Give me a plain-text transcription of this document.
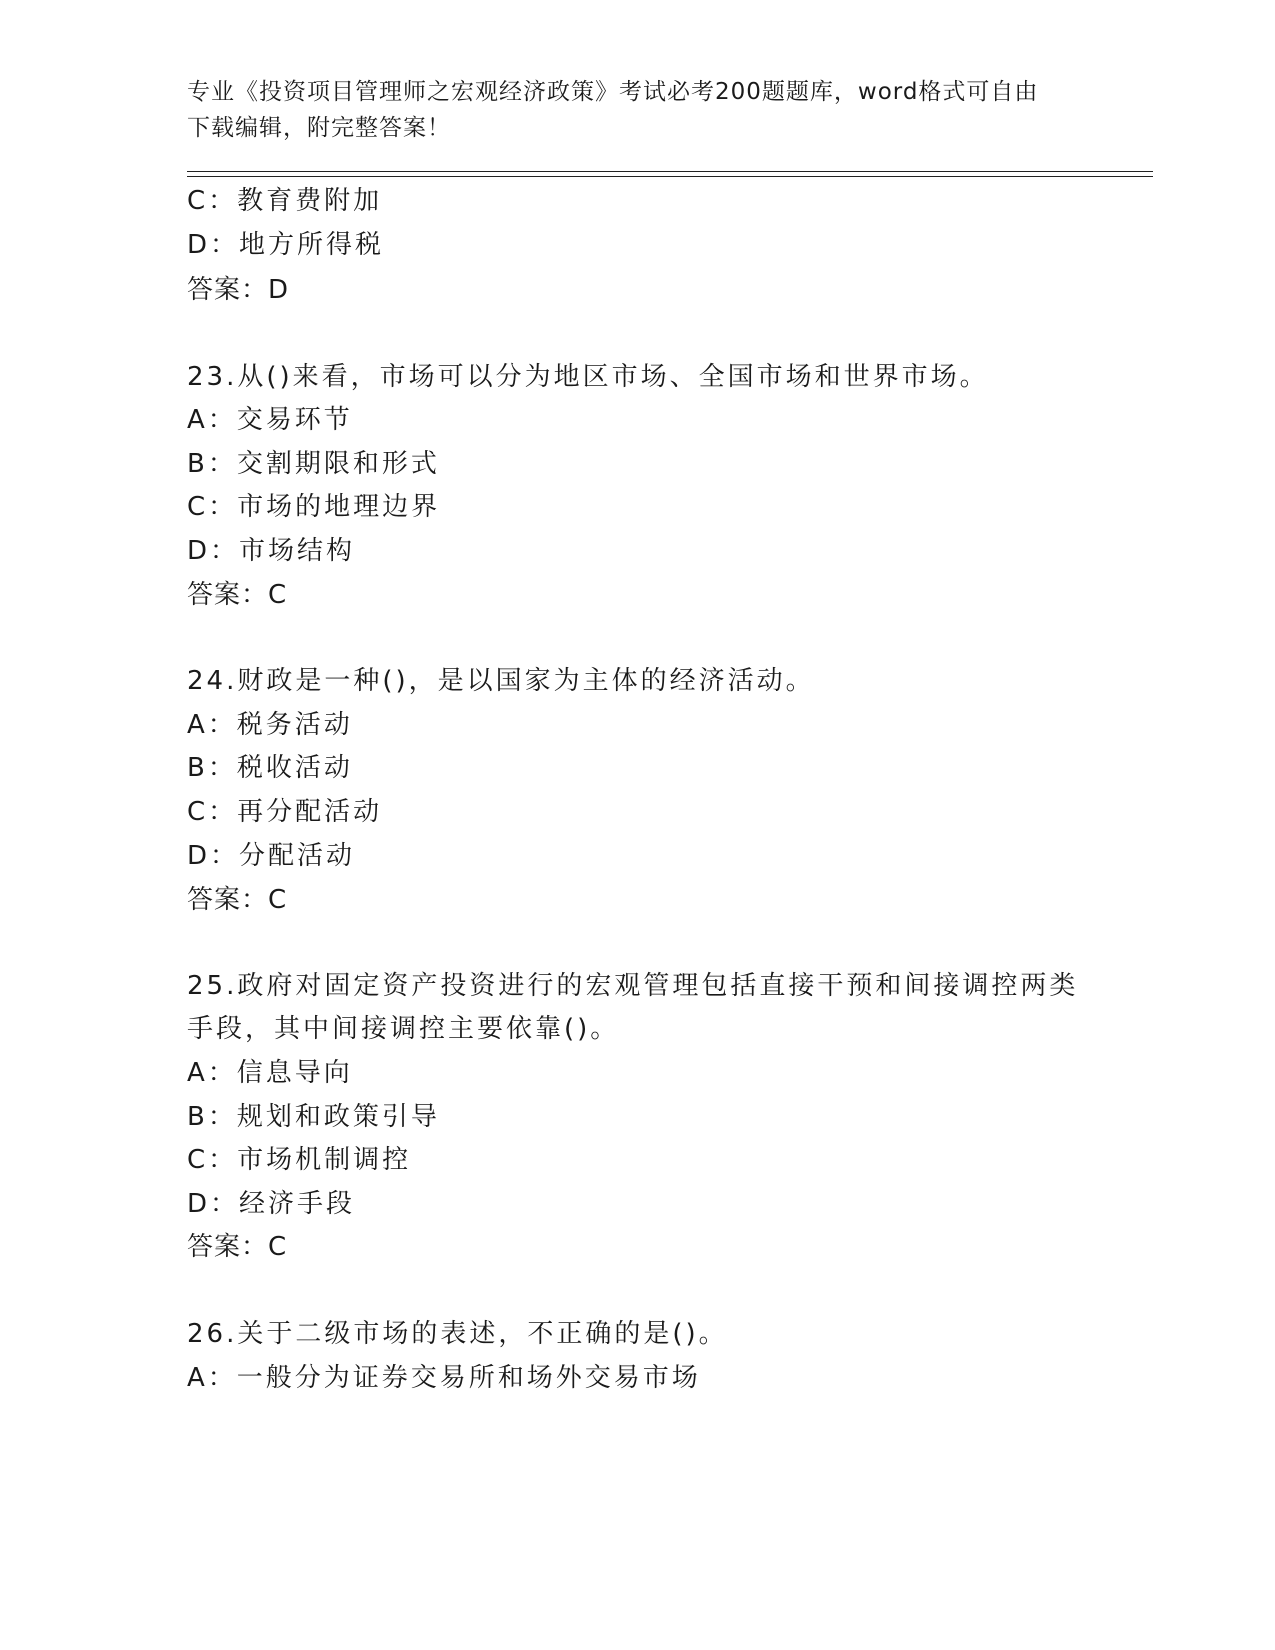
专业《投资项目管理师之宏观经济政策》考试必考200题题库，word格式可自由
下载编辑，附完整答案！
C：教育费附加
D：地方所得税
答案：D
23.从()来看，市场可以分为地区市场、全国市场和世界市场。
A：交易环节
B：交割期限和形式
C：市场的地理边界
D：市场结构
答案：C
24.财政是一种()，是以国家为主体的经济活动。
A：税务活动
B：税收活动
C：再分配活动
D：分配活动
答案：C
25.政府对固定资产投资进行的宏观管理包括直接干预和间接调控两类
手段，其中间接调控主要依靠()。
A：信息导向
B：规划和政策引导
C：市场机制调控
D：经济手段
答案：C
26.关于二级市场的表述，不正确的是()。
A：一般分为证券交易所和场外交易市场
